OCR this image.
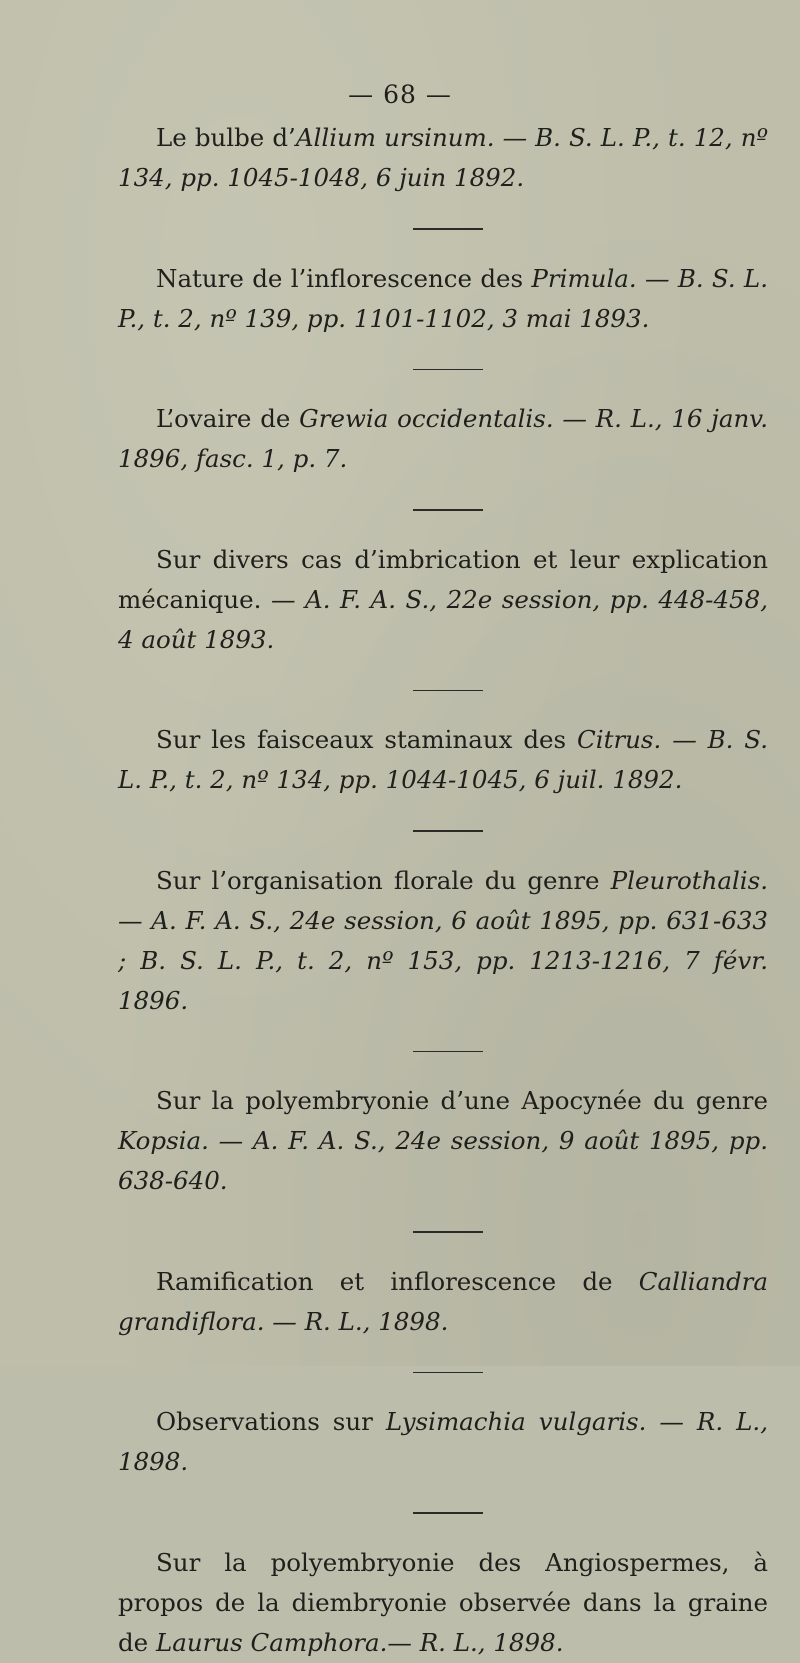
— 68 —

Le bulbe d’Allium ursinum. — B. S. L. P., t. 12, nº 134, pp. 1045-1048, 6 juin 1892.

Nature de l’inflorescence des Primula. — B. S. L. P., t. 2, nº 139, pp. 1101-1102, 3 mai 1893.

L’ovaire de Grewia occidentalis. — R. L., 16 janv. 1896, fasc. 1, p. 7.

Sur divers cas d’imbrication et leur explication mécanique. — A. F. A. S., 22e session, pp. 448-458, 4 août 1893.

Sur les faisceaux staminaux des Citrus. — B. S. L. P., t. 2, nº 134, pp. 1044-1045, 6 juil. 1892.

Sur l’organisation florale du genre Pleurothalis. — A. F. A. S., 24e session, 6 août 1895, pp. 631-633 ; B. S. L. P., t. 2, nº 153, pp. 1213-1216, 7 févr. 1896.

Sur la polyembryonie d’une Apocynée du genre Kopsia. — A. F. A. S., 24e session, 9 août 1895, pp. 638-640.

Ramification et inflorescence de Calliandra grandiflora. — R. L., 1898.

Observations sur Lysimachia vulgaris. — R. L., 1898.

Sur la polyembryonie des Angiospermes, à propos de la diembryonie observée dans la graine de Laurus Camphora.— R. L., 1898.
